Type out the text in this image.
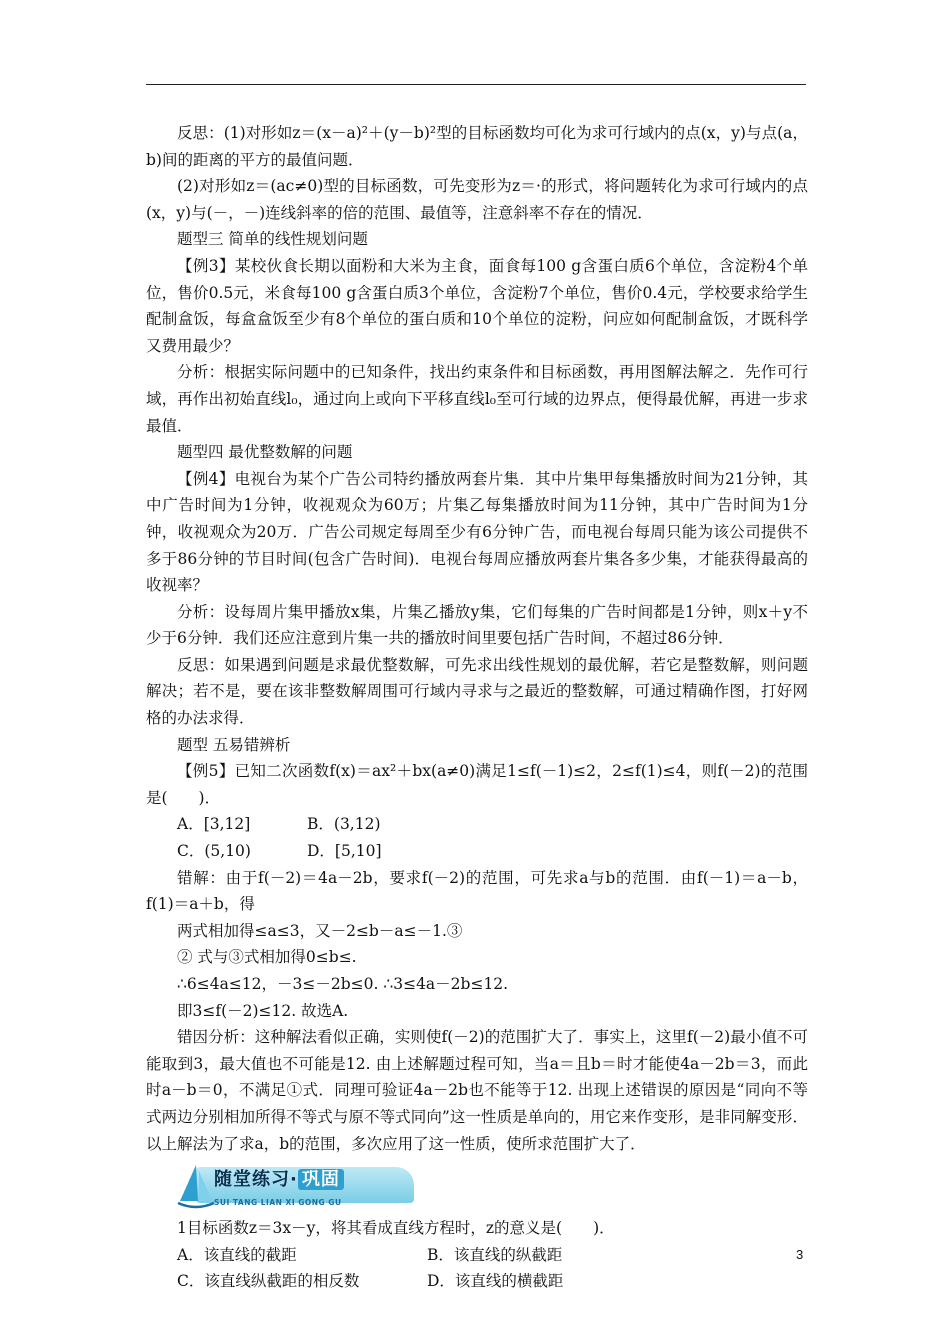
反思：(1)对形如z＝(x－a)²＋(y－b)²型的目标函数均可化为求可行域内的点(x，y)与点(a，b)间的距离的平方的最值问题．

(2)对形如z＝(ac≠0)型的目标函数，可先变形为z＝·的形式，将问题转化为求可行域内的点(x，y)与(－，－)连线斜率的倍的范围、最值等，注意斜率不存在的情况．

题型三 简单的线性规划问题

【例3】某校伙食长期以面粉和大米为主食，面食每100 g含蛋白质6个单位，含淀粉4个单位，售价0.5元，米食每100 g含蛋白质3个单位，含淀粉7个单位，售价0.4元，学校要求给学生配制盒饭，每盒盒饭至少有8个单位的蛋白质和10个单位的淀粉，问应如何配制盒饭，才既科学又费用最少？

分析：根据实际问题中的已知条件，找出约束条件和目标函数，再用图解法解之．先作可行域，再作出初始直线l₀，通过向上或向下平移直线l₀至可行域的边界点，便得最优解，再进一步求最值．

题型四 最优整数解的问题

【例4】电视台为某个广告公司特约播放两套片集．其中片集甲每集播放时间为21分钟，其中广告时间为1分钟，收视观众为60万；片集乙每集播放时间为11分钟，其中广告时间为1分钟，收视观众为20万．广告公司规定每周至少有6分钟广告，而电视台每周只能为该公司提供不多于86分钟的节目时间(包含广告时间)．电视台每周应播放两套片集各多少集，才能获得最高的收视率？

分析：设每周片集甲播放x集，片集乙播放y集，它们每集的广告时间都是1分钟，则x＋y不少于6分钟．我们还应注意到片集一共的播放时间里要包括广告时间，不超过86分钟．

反思：如果遇到问题是求最优整数解，可先求出线性规划的最优解，若它是整数解，则问题解决；若不是，要在该非整数解周围可行域内寻求与之最近的整数解，可通过精确作图，打好网格的办法求得．

题型 五易错辨析

【例5】已知二次函数f(x)＝ax²＋bx(a≠0)满足1≤f(－1)≤2，2≤f(1)≤4，则f(－2)的范围是(　　)．

A．[3,12]	B．(3,12)
C．(5,10)	D．[5,10]

错解：由于f(－2)＝4a－2b，要求f(－2)的范围，可先求a与b的范围．由f(－1)＝a－b，f(1)＝a＋b，得

两式相加得≤a≤3，又－2≤b－a≤－1.③

② 式与③式相加得0≤b≤.

∴6≤4a≤12，－3≤－2b≤0. ∴3≤4a－2b≤12.

即3≤f(－2)≤12. 故选A.

错因分析：这种解法看似正确，实则使f(－2)的范围扩大了．事实上，这里f(－2)最小值不可能取到3，最大值也不可能是12. 由上述解题过程可知，当a＝且b＝时才能使4a－2b＝3，而此时a－b＝0，不满足①式．同理可验证4a－2b也不能等于12. 出现上述错误的原因是“同向不等式两边分别相加所得不等式与原不等式同向”这一性质是单向的，用它来作变形，是非同解变形．以上解法为了求a，b的范围，多次应用了这一性质，使所求范围扩大了．

随堂练习· 巩固
SUI TANG LIAN XI GONG GU

1目标函数z＝3x－y，将其看成直线方程时，z的意义是(　　)．

A．该直线的截距	B．该直线的纵截距
C．该直线纵截距的相反数	D．该直线的横截距
3
